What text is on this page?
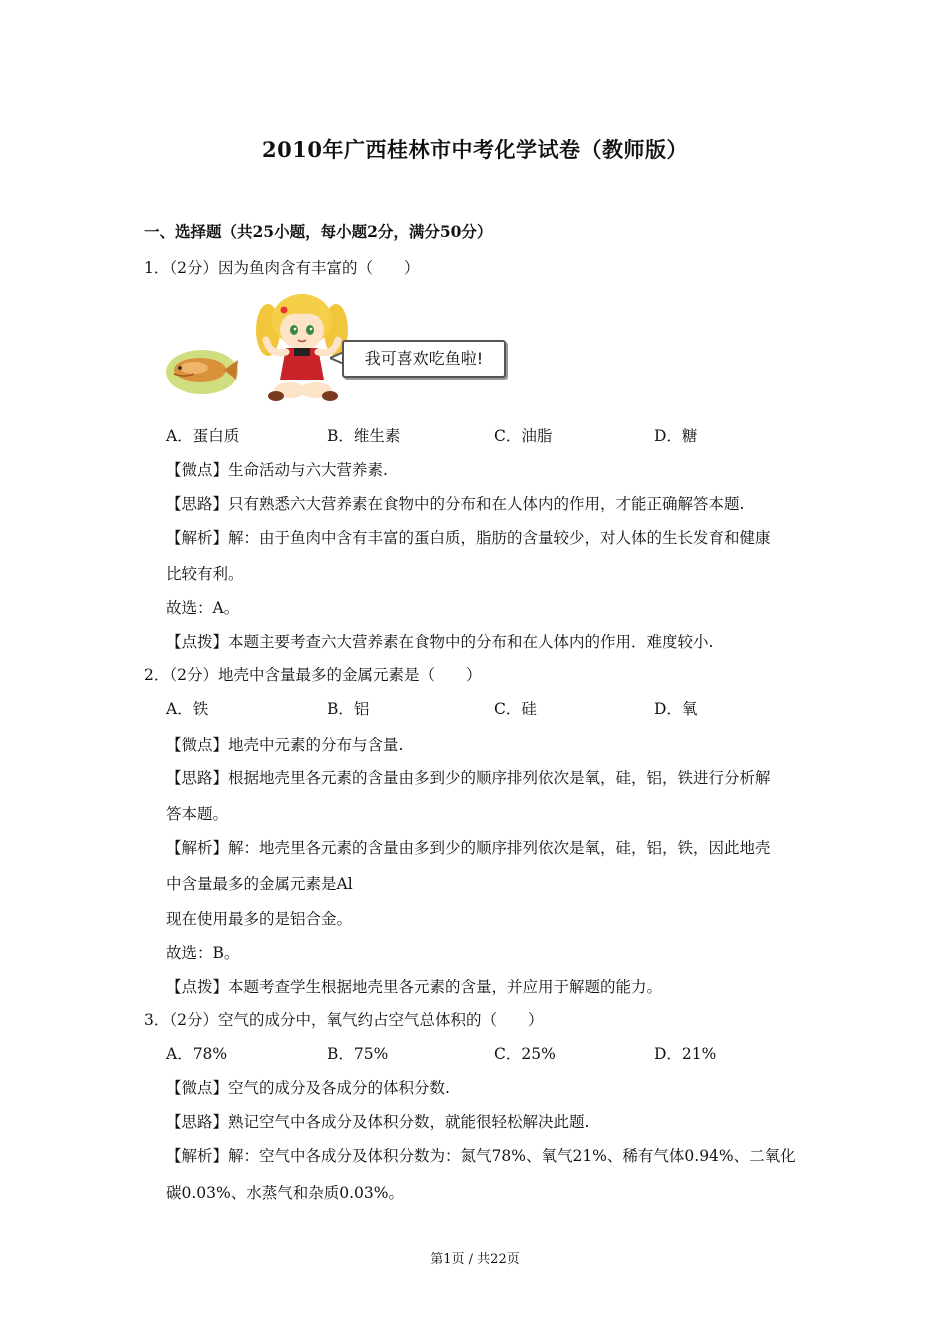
2010年广西桂林市中考化学试卷（教师版）
一、选择题（共25小题，每小题2分，满分50分）
1．（2分）因为鱼肉含有丰富的（　　）
我可喜欢吃鱼啦!
A．蛋白质	B．维生素	C．油脂	D．糖
【微点】生命活动与六大营养素.
【思路】只有熟悉六大营养素在食物中的分布和在人体内的作用，才能正确解答本题.
【解析】解：由于鱼肉中含有丰富的蛋白质，脂肪的含量较少，对人体的生长发育和健康
比较有利。
故选：A。
【点拨】本题主要考查六大营养素在食物中的分布和在人体内的作用．难度较小.
2．（2分）地壳中含量最多的金属元素是（　　）
A．铁	B．铝	C．硅	D．氧
【微点】地壳中元素的分布与含量.
【思路】根据地壳里各元素的含量由多到少的顺序排列依次是氧，硅，铝，铁进行分析解
答本题。
【解析】解：地壳里各元素的含量由多到少的顺序排列依次是氧，硅，铝，铁，因此地壳
中含量最多的金属元素是Al
现在使用最多的是铝合金。
故选：B。
【点拨】本题考查学生根据地壳里各元素的含量，并应用于解题的能力。
3．（2分）空气的成分中，氧气约占空气总体积的（　　）
A．78%	B．75%	C．25%	D．21%
【微点】空气的成分及各成分的体积分数.
【思路】熟记空气中各成分及体积分数，就能很轻松解决此题.
【解析】解：空气中各成分及体积分数为：氮气78%、氧气21%、稀有气体0.94%、二氧化
碳0.03%、水蒸气和杂质0.03%。
第1页 / 共22页
